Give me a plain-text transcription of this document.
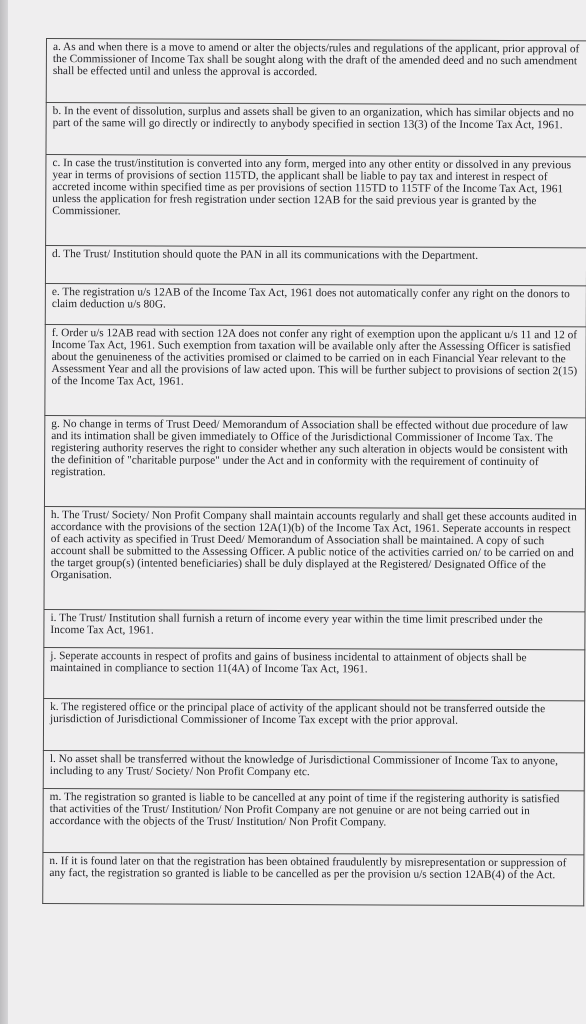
a. As and when there is a move to amend or alter the objects/rules and regulations of the applicant, prior approval of the Commissioner of Income Tax shall be sought along with the draft of the amended deed and no such amendment shall be effected until and unless the approval is accorded.
b. In the event of dissolution, surplus and assets shall be given to an organization, which has similar objects and no part of the same will go directly or indirectly to anybody specified in section 13(3) of the Income Tax Act, 1961.
c. In case the trust/institution is converted into any form, merged into any other entity or dissolved in any previous year in terms of provisions of section 115TD, the applicant shall be liable to pay tax and interest in respect of accreted income within specified time as per provisions of section 115TD to 115TF of the Income Tax Act, 1961 unless the application for fresh registration under section 12AB for the said previous year is granted by the Commissioner.
d. The Trust/ Institution should quote the PAN in all its communications with the Department.
e. The registration u/s 12AB of the Income Tax Act, 1961 does not automatically confer any right on the donors to claim deduction u/s 80G.
f. Order u/s 12AB read with section 12A does not confer any right of exemption upon the applicant u/s 11 and 12 of Income Tax Act, 1961. Such exemption from taxation will be available only after the Assessing Officer is satisfied about the genuineness of the activities promised or claimed to be carried on in each Financial Year relevant to the Assessment Year and all the provisions of law acted upon. This will be further subject to provisions of section 2(15) of the Income Tax Act, 1961.
g. No change in terms of Trust Deed/ Memorandum of Association shall be effected without due procedure of law and its intimation shall be given immediately to Office of the Jurisdictional Commissioner of Income Tax. The registering authority reserves the right to consider whether any such alteration in objects would be consistent with the definition of "charitable purpose" under the Act and in conformity with the requirement of continuity of registration.
h. The Trust/ Society/ Non Profit Company shall maintain accounts regularly and shall get these accounts audited in accordance with the provisions of the section 12A(1)(b) of the Income Tax Act, 1961. Seperate accounts in respect of each activity as specified in Trust Deed/ Memorandum of Association shall be maintained. A copy of such account shall be submitted to the Assessing Officer. A public notice of the activities carried on/ to be carried on and the target group(s) (intented beneficiaries) shall be duly displayed at the Registered/ Designated Office of the Organisation.
i. The Trust/ Institution shall furnish a return of income every year within the time limit prescribed under the Income Tax Act, 1961.
j. Seperate accounts in respect of profits and gains of business incidental to attainment of objects shall be maintained in compliance to section 11(4A) of Income Tax Act, 1961.
k. The registered office or the principal place of activity of the applicant should not be transferred outside the jurisdiction of Jurisdictional Commissioner of Income Tax except with the prior approval.
l. No asset shall be transferred without the knowledge of Jurisdictional Commissioner of Income Tax to anyone, including to any Trust/ Society/ Non Profit Company etc.
m. The registration so granted is liable to be cancelled at any point of time if the registering authority is satisfied that activities of the Trust/ Institution/ Non Profit Company are not genuine or are not being carried out in accordance with the objects of the Trust/ Institution/ Non Profit Company.
n. If it is found later on that the registration has been obtained fraudulently by misrepresentation or suppression of any fact, the registration so granted is liable to be cancelled as per the provision u/s section 12AB(4) of the Act.
